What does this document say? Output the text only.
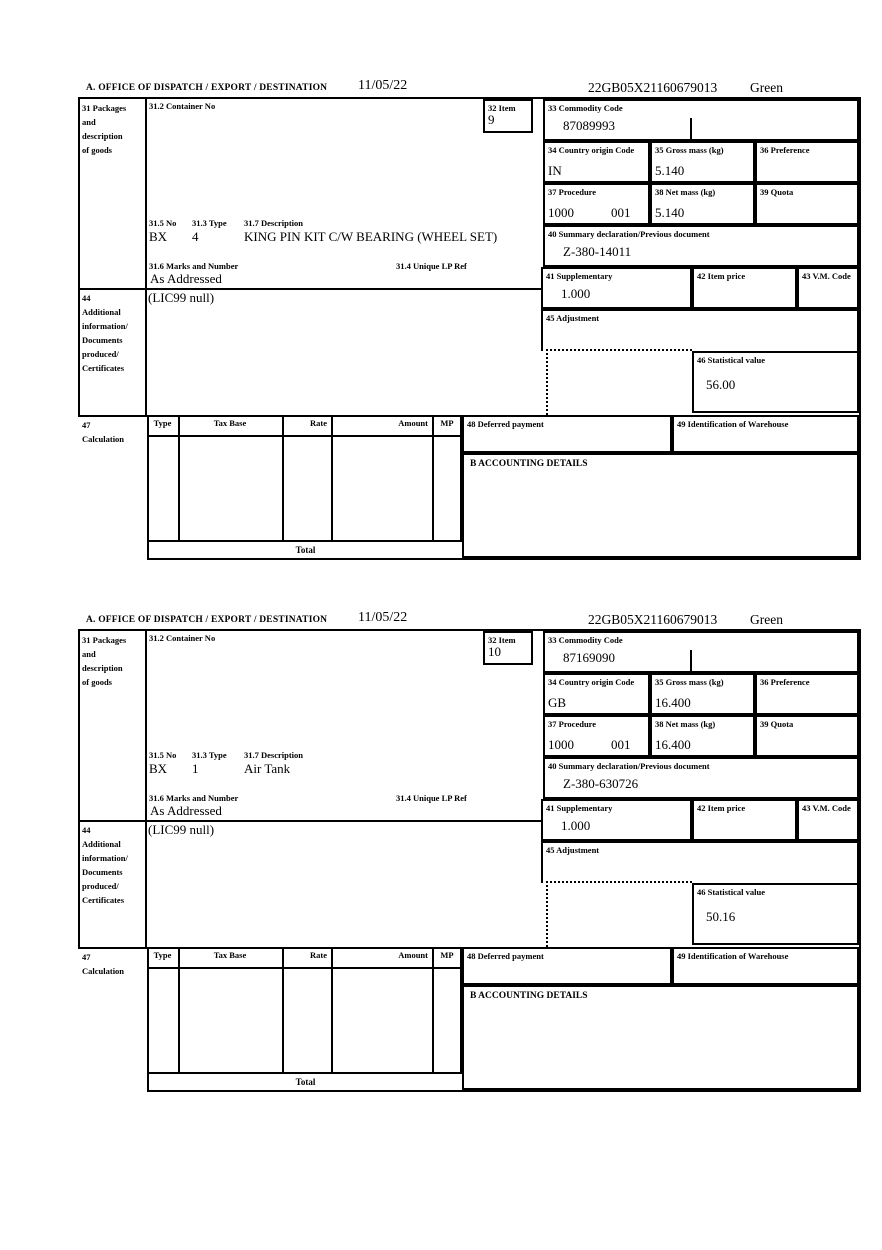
A. OFFICE OF DISPATCH / EXPORT / DESTINATION 11/05/22	22GB05X21160679013 Green
31 Packages
and
description
of goods
44
Additional
information/
Documents
produced/
Certificates
47
Calculation
31.2 Container No	32 Item
9
31.5 No 31.3 Type 31.7 Description
BX 4	KING PIN KIT C/W BEARING (WHEEL SET)
31.6 Marks and Number	31.4 Unique LP Ref
As Addressed
(LIC99 null)
33 Commodity Code
87089993
34 Country origin Code
IN
35 Gross mass (kg)
5.140
36 Preference
37 Procedure
1000	001
38 Net mass (kg)
5.140
39 Quota
40 Summary declaration/Previous document
Z-380-14011
41 Supplementary
1.000
42 Item price	43 V.M. Code
45 Adjustment
46 Statistical value
56.00
Type	Tax Base	Rate	Amount	MP
Total
48 Deferred payment	49 Identification of Warehouse
B ACCOUNTING DETAILS
A. OFFICE OF DISPATCH / EXPORT / DESTINATION 11/05/22	22GB05X21160679013 Green
31 Packages
and
description
of goods
44
Additional
information/
Documents
produced/
Certificates
47
Calculation
31.2 Container No	32 Item
10
31.5 No 31.3 Type 31.7 Description
BX 1	Air Tank
31.6 Marks and Number	31.4 Unique LP Ref
As Addressed
(LIC99 null)
33 Commodity Code
87169090
34 Country origin Code
GB
35 Gross mass (kg)
16.400
36 Preference
37 Procedure
1000	001
38 Net mass (kg)
16.400
39 Quota
40 Summary declaration/Previous document
Z-380-630726
41 Supplementary
1.000
42 Item price	43 V.M. Code
45 Adjustment
46 Statistical value
50.16
Type	Tax Base	Rate	Amount	MP
Total
48 Deferred payment	49 Identification of Warehouse
B ACCOUNTING DETAILS
